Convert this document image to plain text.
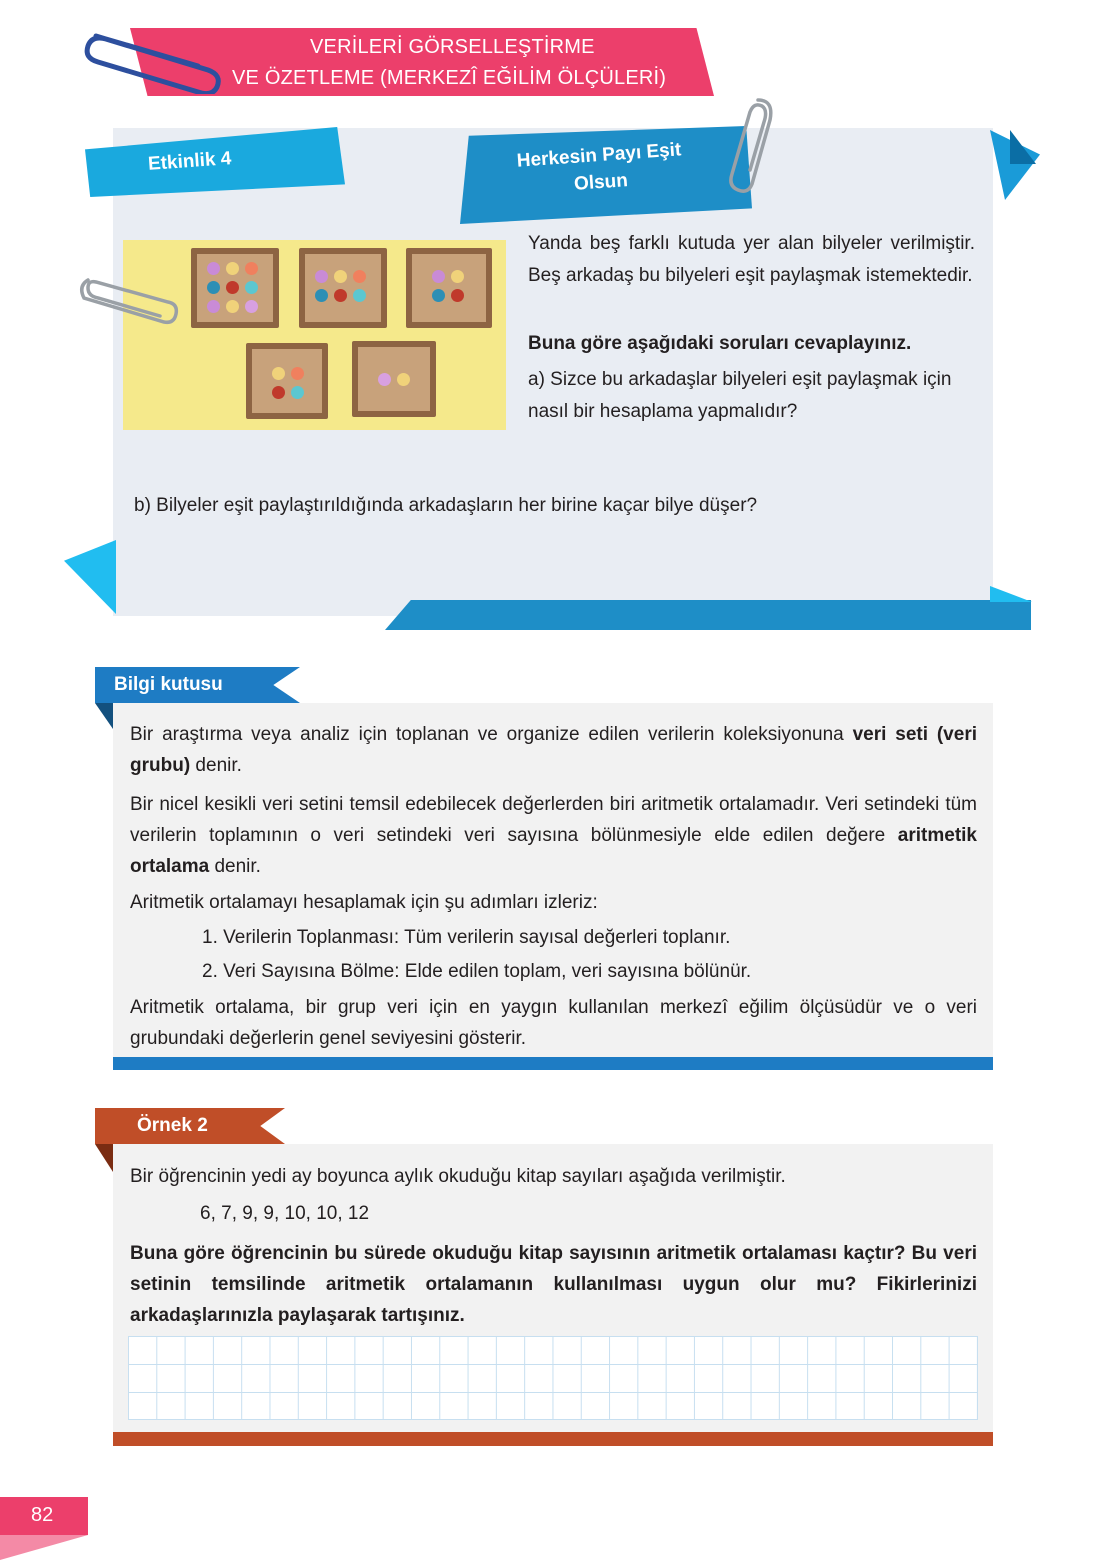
VERİLERİ GÖRSELLEŞTİRME
VE ÖZETLEME (MERKEZÎ EĞİLİM ÖLÇÜLERİ)
Etkinlik 4	Herkesin Payı Eşit
Olsun
Yanda beş farklı kutuda yer alan bilyeler verilmiştir. Beş arkadaş bu bilyeleri eşit paylaşmak istemektedir.
Buna göre aşağıdaki soruları cevaplayınız.
a) Sizce bu arkadaşlar bilyeleri eşit paylaşmak için nasıl bir hesaplama yapmalıdır?
b) Bilyeler eşit paylaştırıldığında arkadaşların her birine kaçar bilye düşer?
Bilgi kutusu
Bir araştırma veya analiz için toplanan ve organize edilen verilerin koleksiyonuna veri seti (veri grubu) denir.
Bir nicel kesikli veri setini temsil edebilecek değerlerden biri aritmetik ortalamadır. Veri setindeki tüm verilerin toplamının o veri setindeki veri sayısına bölünmesiyle elde edilen değere aritmetik ortalama denir.
Aritmetik ortalamayı hesaplamak için şu adımları izleriz:
1. Verilerin Toplanması: Tüm verilerin sayısal değerleri toplanır.
2. Veri Sayısına Bölme: Elde edilen toplam, veri sayısına bölünür.
Aritmetik ortalama, bir grup veri için en yaygın kullanılan merkezî eğilim ölçüsüdür ve o veri grubundaki değerlerin genel seviyesini gösterir.
Örnek 2
Bir öğrencinin yedi ay boyunca aylık okuduğu kitap sayıları aşağıda verilmiştir.
6, 7, 9, 9, 10, 10, 12
Buna göre öğrencinin bu sürede okuduğu kitap sayısının aritmetik ortalaması kaçtır? Bu veri setinin temsilinde aritmetik ortalamanın kullanılması uygun olur mu? Fikirlerinizi arkadaşlarınızla paylaşarak tartışınız.
82
